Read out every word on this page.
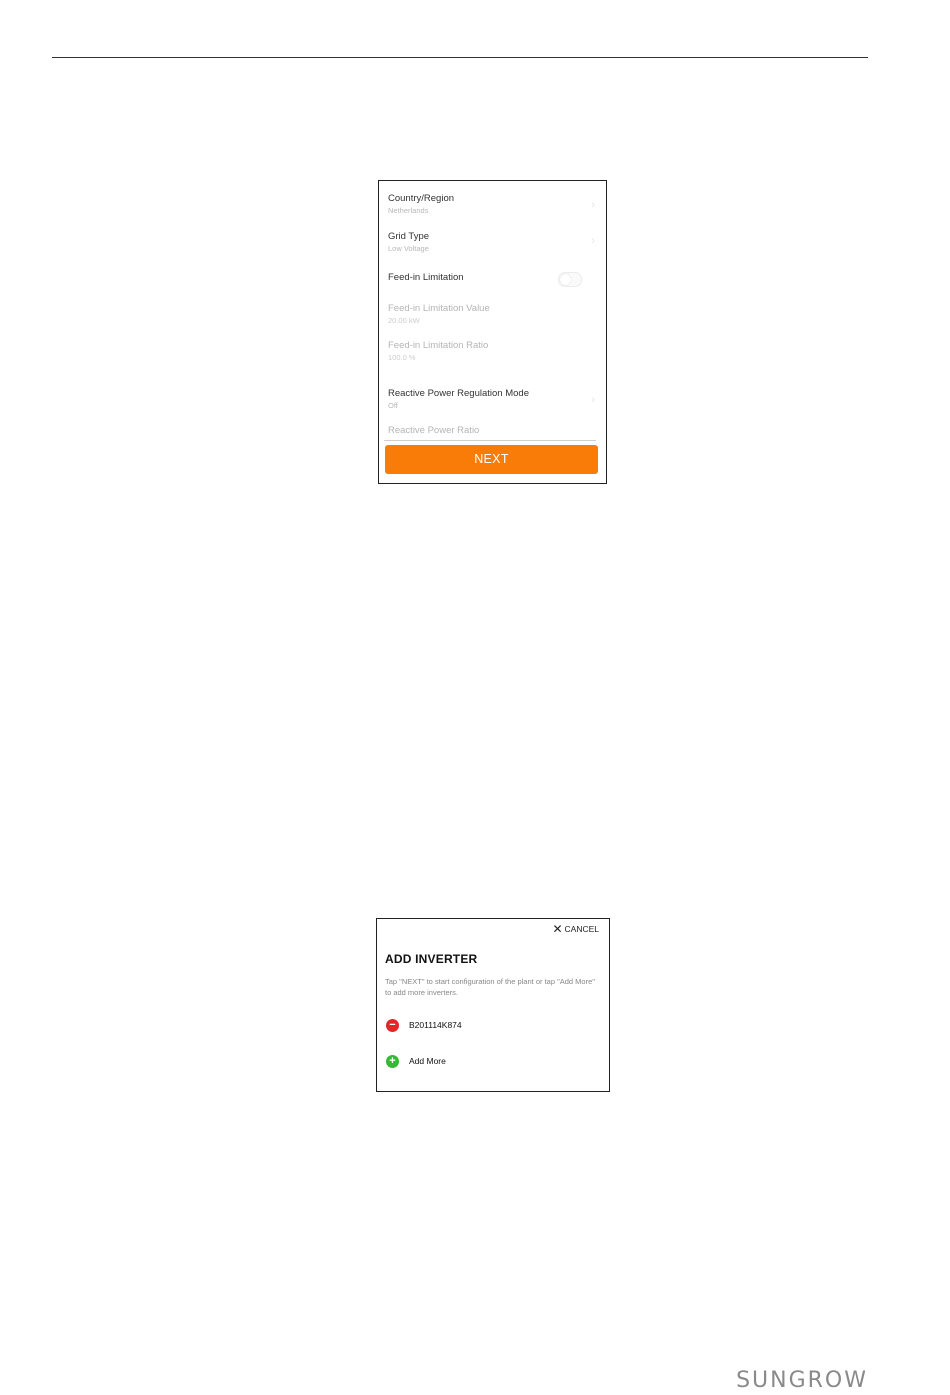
Country/Region
Netherlands	›
Grid Type
Low Voltage
›
Feed-in Limitation
Feed-in Limitation Value
20.00 kW
Feed-in Limitation Ratio
100.0 %
Reactive Power Regulation Mode
Off	›
Reactive Power Ratio
NEXT
✕ CANCEL
ADD INVERTER
Tap "NEXT" to start configuration of the plant or tap "Add More" to add more inverters.
−	B201114K874
+	Add More
SUNGROW
